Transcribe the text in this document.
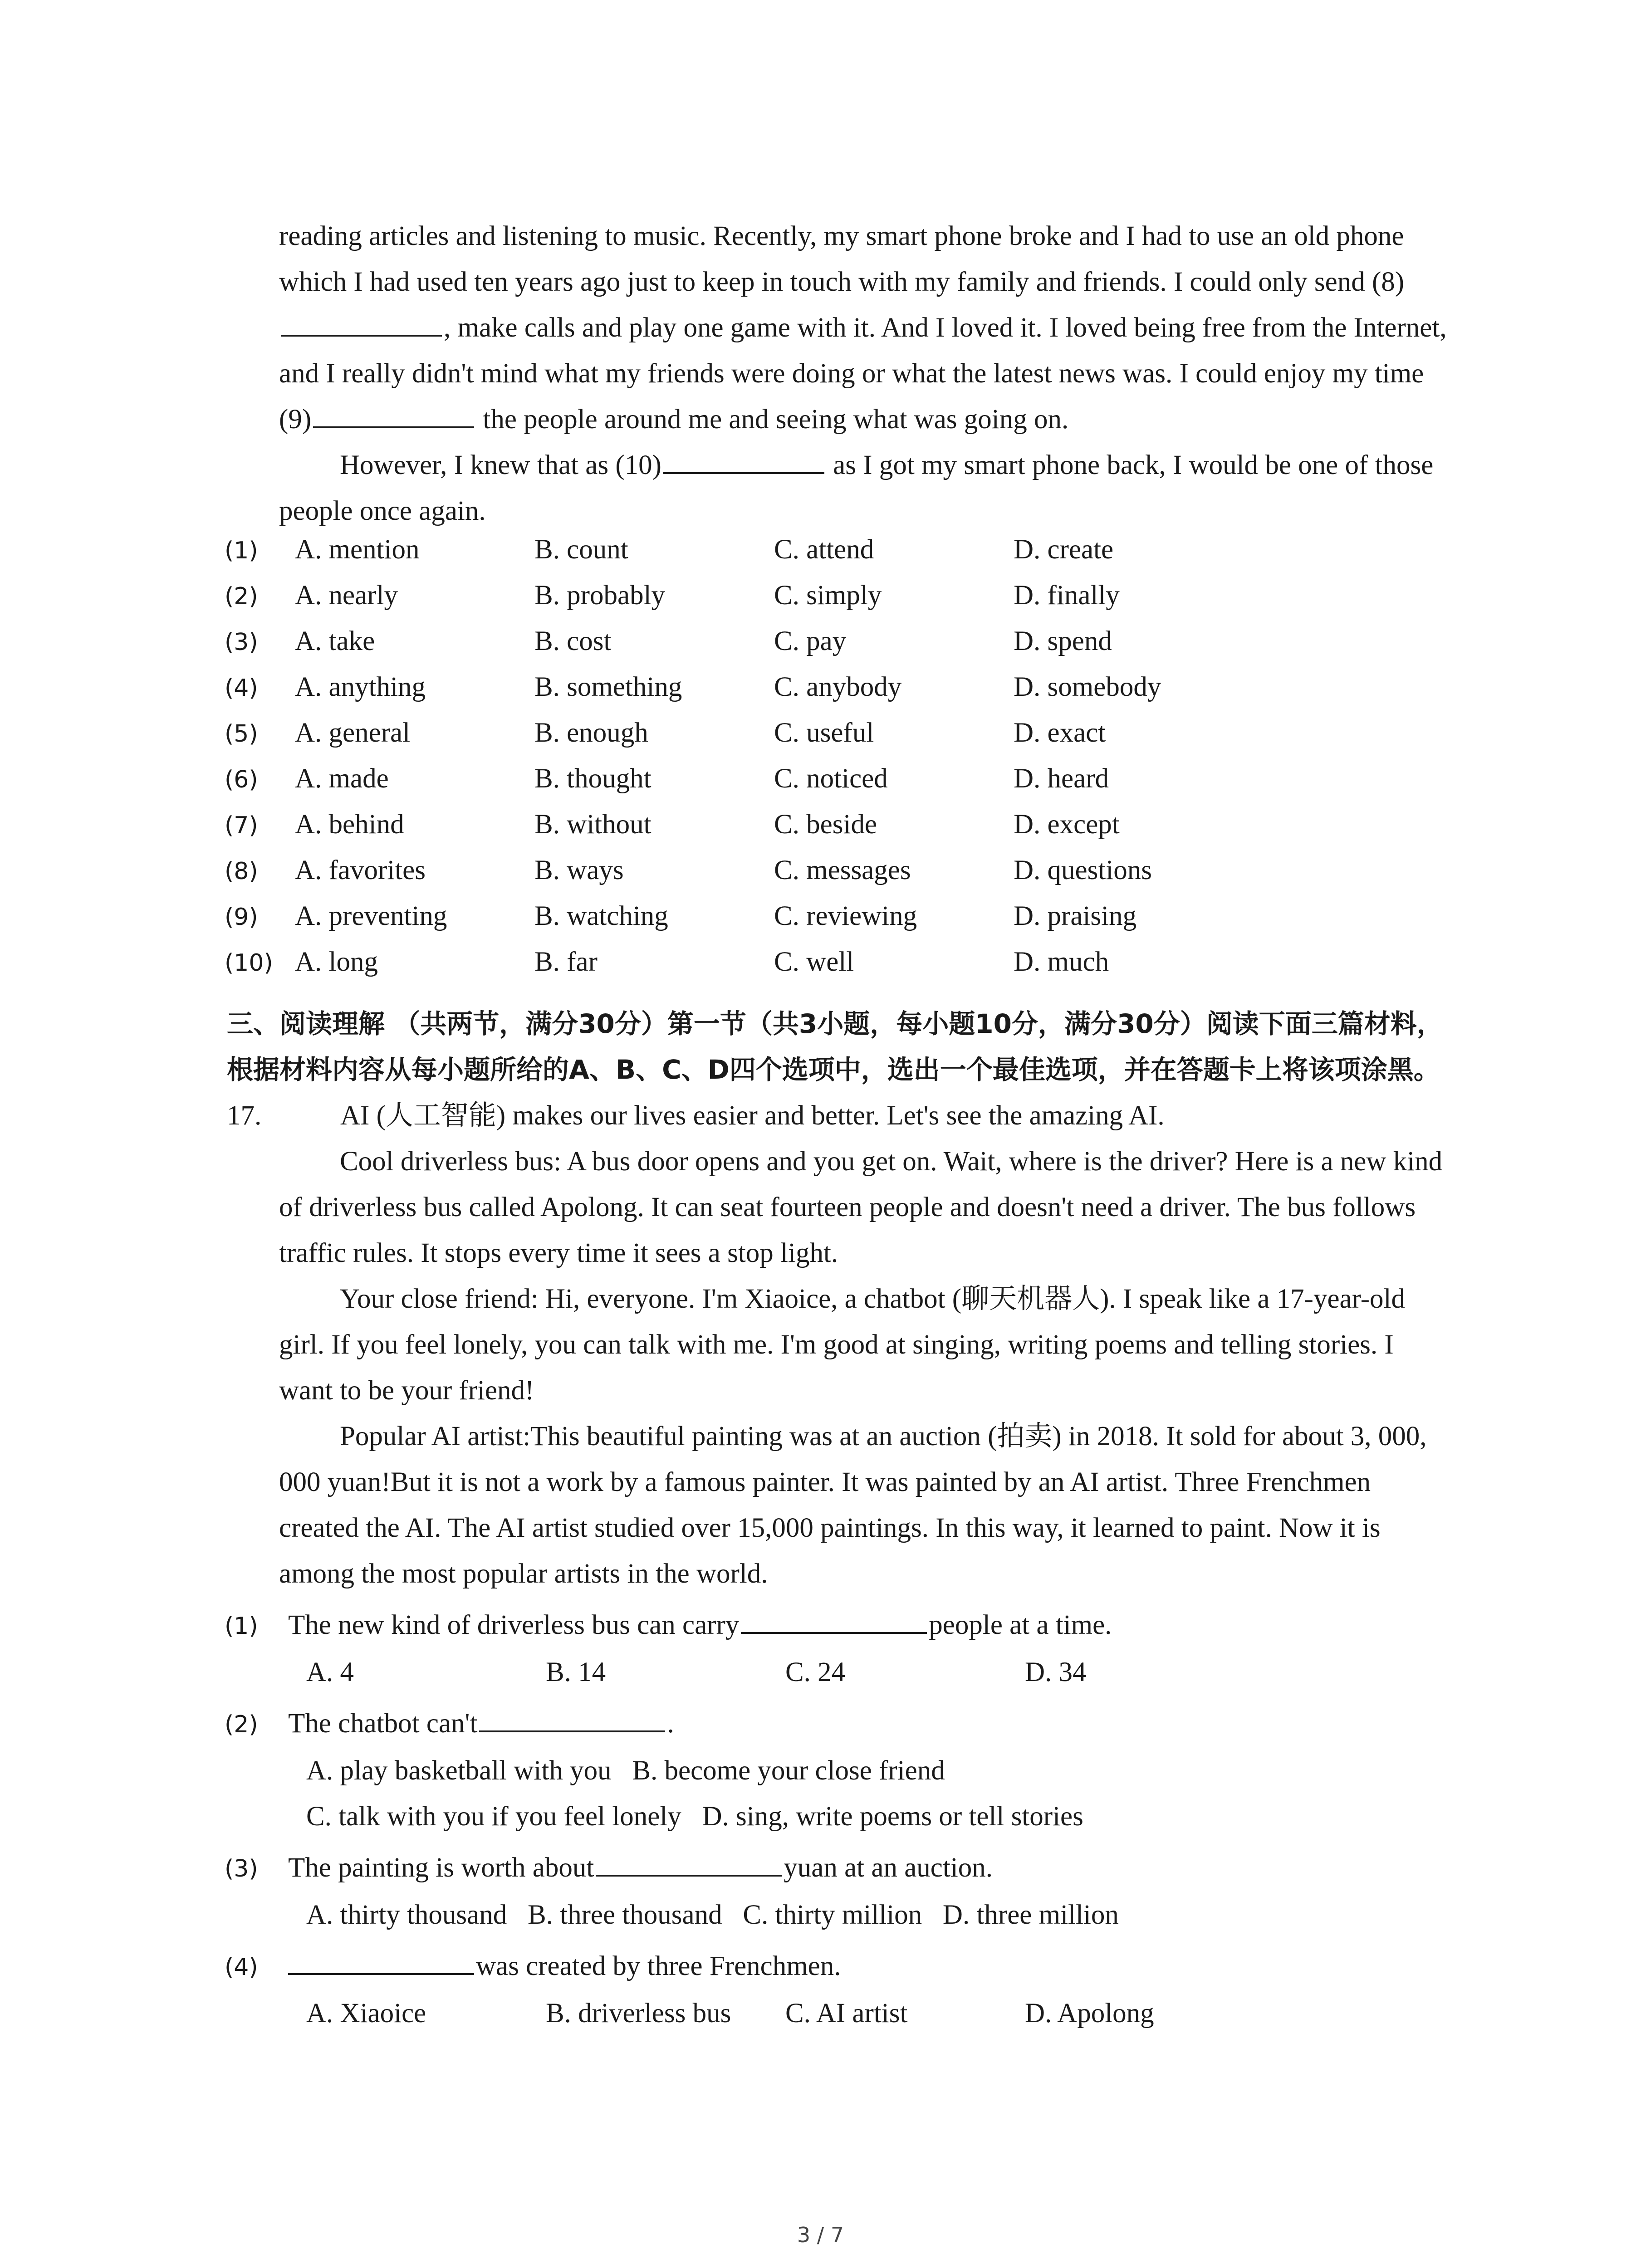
reading articles and listening to music. Recently, my smart phone broke and I had to use an old phone which I had used ten years ago just to keep in touch with my family and friends. I could only send (8), make calls and play one game with it. And I loved it. I loved being free from the Internet, and I really didn't mind what my friends were doing or what the latest news was. I could enjoy my time (9)	the people around me and seeing what was going on.

However, I knew that as (10)	as I got my smart phone back, I would be one of those people once again.

(1)	A. mention	B. count	C. attend	D. create
(2)	A. nearly	B. probably	C. simply	D. finally
(3)	A. take	B. cost	C. pay	D. spend
(4)	A. anything	B. something	C. anybody	D. somebody
(5)	A. general	B. enough	C. useful	D. exact
(6)	A. made	B. thought	C. noticed	D. heard
(7)	A. behind	B. without	C. beside	D. except
(8)	A. favorites	B. ways	C. messages	D. questions
(9)	A. preventing	B. watching	C. reviewing	D. praising
(10) A. long	B. far	C. well	D. much

三、阅读理解 （共两节，满分30分）第一节（共3小题，每小题10分，满分30分）阅读下面三篇材料，根据材料内容从每小题所给的A、B、C、D四个选项中，选出一个最佳选项，并在答题卡上将该项涂黑。

17.	AI (人工智能) makes our lives easier and better. Let's see the amazing AI.

Cool driverless bus: A bus door opens and you get on. Wait, where is the driver? Here is a new kind of driverless bus called Apolong. It can seat fourteen people and doesn't need a driver. The bus follows traffic rules. It stops every time it sees a stop light.

Your close friend: Hi, everyone. I'm Xiaoice, a chatbot (聊天机器人). I speak like a 17-year-old girl. If you feel lonely, you can talk with me. I'm good at singing, writing poems and telling stories. I want to be your friend!

Popular AI artist:This beautiful painting was at an auction (拍卖) in 2018. It sold for about 3, 000, 000 yuan!But it is not a work by a famous painter. It was painted by an AI artist. Three Frenchmen created the AI. The AI artist studied over 15,000 paintings. In this way, it learned to paint. Now it is among the most popular artists in the world.

(1)	The new kind of driverless bus can carry	people at a time.
A. 4	B. 14	C. 24	D. 34
(2)	The chatbot can't	.
A. play basketball with you   B. become your close friend
C. talk with you if you feel lonely   D. sing, write poems or tell stories
(3)	The painting is worth about	yuan at an auction.
A. thirty thousand   B. three thousand   C. thirty million   D. three million
(4)	was created by three Frenchmen.
A. Xiaoice	B. driverless bus	C. AI artist	D. Apolong
3 / 7
